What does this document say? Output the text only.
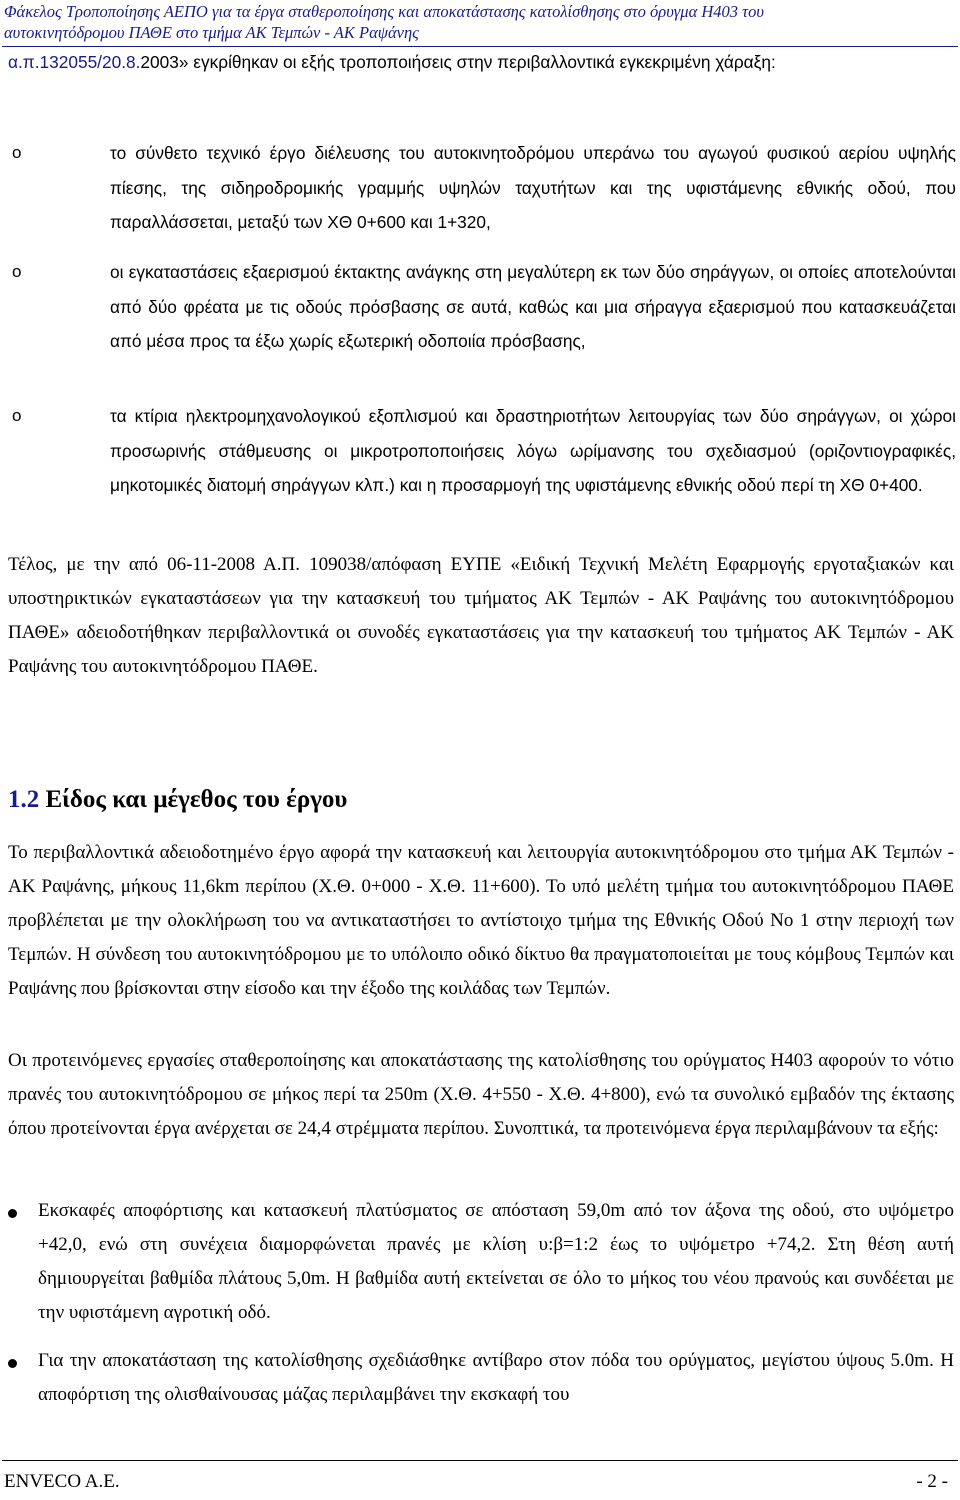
Φάκελος Τροποποίησης ΑΕΠΟ για τα έργα σταθεροποίησης και αποκατάστασης κατολίσθησης στο όρυγμα Η403 του
αυτοκινητόδρομου ΠΑΘΕ στο τμήμα ΑΚ Τεμπών - ΑΚ Ραψάνης
α.π.132055/20.8.2003» εγκρίθηκαν οι εξής τροποποιήσεις στην περιβαλλοντικά εγκεκριμένη χάραξη:
o	το σύνθετο τεχνικό έργο διέλευσης του αυτοκινητοδρόμου υπεράνω του αγωγού φυσικού αερίου υψηλής πίεσης, της σιδηροδρομικής γραμμής υψηλών ταχυτήτων και της υφιστάμενης εθνικής οδού, που παραλλάσσεται, μεταξύ των ΧΘ 0+600 και 1+320,
o	οι εγκαταστάσεις εξαερισμού έκτακτης ανάγκης στη μεγαλύτερη εκ των δύο σηράγγων, οι οποίες αποτελούνται από δύο φρέατα με τις οδούς πρόσβασης σε αυτά, καθώς και μια σήραγγα εξαερισμού που κατασκευάζεται από μέσα προς τα έξω χωρίς εξωτερική οδοποιία πρόσβασης,
o	τα κτίρια ηλεκτρομηχανολογικού εξοπλισμού και δραστηριοτήτων λειτουργίας των δύο σηράγγων, οι χώροι προσωρινής στάθμευσης οι μικροτροποποιήσεις λόγω ωρίμανσης του σχεδιασμού (οριζοντιογραφικές, μηκοτομικές διατομή σηράγγων κλπ.) και η προσαρμογή της υφιστάμενης εθνικής οδού περί τη ΧΘ 0+400.
Τέλος, με την από 06-11-2008 Α.Π. 109038/απόφαση ΕΥΠΕ «Ειδική Τεχνική Μελέτη Εφαρμογής εργοταξιακών και υποστηρικτικών εγκαταστάσεων για την κατασκευή του τμήματος ΑΚ Τεμπών - ΑΚ Ραψάνης του αυτοκινητόδρομου ΠΑΘΕ» αδειοδοτήθηκαν περιβαλλοντικά οι συνοδές εγκαταστάσεις για την κατασκευή του τμήματος ΑΚ Τεμπών - ΑΚ Ραψάνης του αυτοκινητόδρομου ΠΑΘΕ.
1.2 Είδος και μέγεθος του έργου
Το περιβαλλοντικά αδειοδοτημένο έργο αφορά την κατασκευή και λειτουργία αυτοκινητόδρομου στο τμήμα ΑΚ Τεμπών - ΑΚ Ραψάνης, μήκους 11,6km περίπου (Χ.Θ. 0+000 - Χ.Θ. 11+600). Το υπό μελέτη τμήμα του αυτοκινητόδρομου ΠΑΘΕ προβλέπεται με την ολοκλήρωση του να αντικαταστήσει το αντίστοιχο τμήμα της Εθνικής Οδού Νο 1 στην περιοχή των Τεμπών. Η σύνδεση του αυτοκινητόδρομου με το υπόλοιπο οδικό δίκτυο θα πραγματοποιείται με τους κόμβους Τεμπών και Ραψάνης που βρίσκονται στην είσοδο και την έξοδο της κοιλάδας των Τεμπών.
Οι προτεινόμενες εργασίες σταθεροποίησης και αποκατάστασης της κατολίσθησης του ορύγματος Η403 αφορούν το νότιο πρανές του αυτοκινητόδρομου σε μήκος περί τα 250m (Χ.Θ. 4+550 - Χ.Θ. 4+800), ενώ τα συνολικό εμβαδόν της έκτασης όπου προτείνονται έργα ανέρχεται σε 24,4 στρέμματα περίπου. Συνοπτικά, τα προτεινόμενα έργα περιλαμβάνουν τα εξής:
Εκσκαφές αποφόρτισης και κατασκευή πλατύσματος σε απόσταση 59,0m από τον άξονα της οδού, στο υψόμετρο +42,0, ενώ στη συνέχεια διαμορφώνεται πρανές με κλίση υ:β=1:2 έως το υψόμετρο +74,2. Στη θέση αυτή δημιουργείται βαθμίδα πλάτους 5,0m. Η βαθμίδα αυτή εκτείνεται σε όλο το μήκος του νέου πρανούς και συνδέεται με την υφιστάμενη αγροτική οδό.
Για την αποκατάσταση της κατολίσθησης σχεδιάσθηκε αντίβαρο στον πόδα του ορύγματος, μεγίστου ύψους 5.0m. Η αποφόρτιση της ολισθαίνουσας μάζας περιλαμβάνει την εκσκαφή του
ENVECO A.E.	- 2 -
